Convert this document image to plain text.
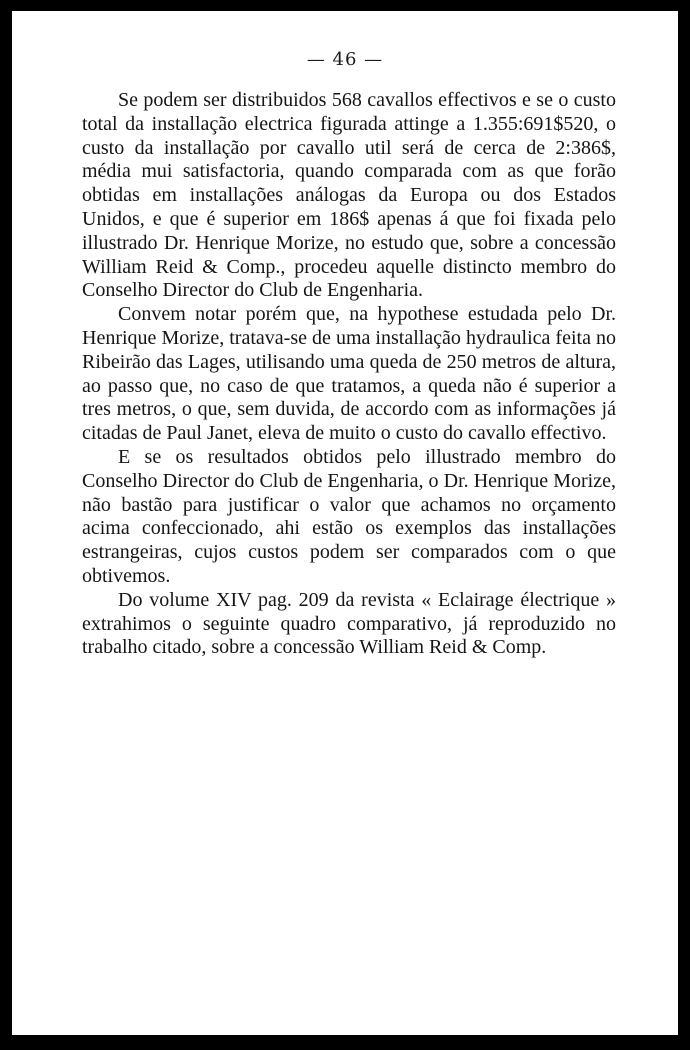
— 46 —

Se podem ser distribuidos 568 cavallos effectivos e se o custo total da installação electrica figurada attinge a 1.355:691$520, o custo da installação por cavallo util será de cerca de 2:386$, média mui satisfactoria, quando comparada com as que forão obtidas em installações análogas da Europa ou dos Estados Unidos, e que é superior em 186$ apenas á que foi fixada pelo illustrado Dr. Henrique Morize, no estudo que, sobre a concessão William Reid & Comp., procedeu aquelle distincto membro do Conselho Director do Club de Engenharia.

Convem notar porém que, na hypothese estudada pelo Dr. Henrique Morize, tratava-se de uma installação hydraulica feita no Ribeirão das Lages, utilisando uma queda de 250 metros de altura, ao passo que, no caso de que tratamos, a queda não é superior a tres metros, o que, sem duvida, de accordo com as informações já citadas de Paul Janet, eleva de muito o custo do cavallo effectivo.

E se os resultados obtidos pelo illustrado membro do Conselho Director do Club de Engenharia, o Dr. Henrique Morize, não bastão para justificar o valor que achamos no orçamento acima confeccionado, ahi estão os exemplos das installações estrangeiras, cujos custos podem ser comparados com o que obtivemos.

Do volume XIV pag. 209 da revista « Eclairage électrique » extrahimos o seguinte quadro comparativo, já reproduzido no trabalho citado, sobre a concessão William Reid & Comp.
